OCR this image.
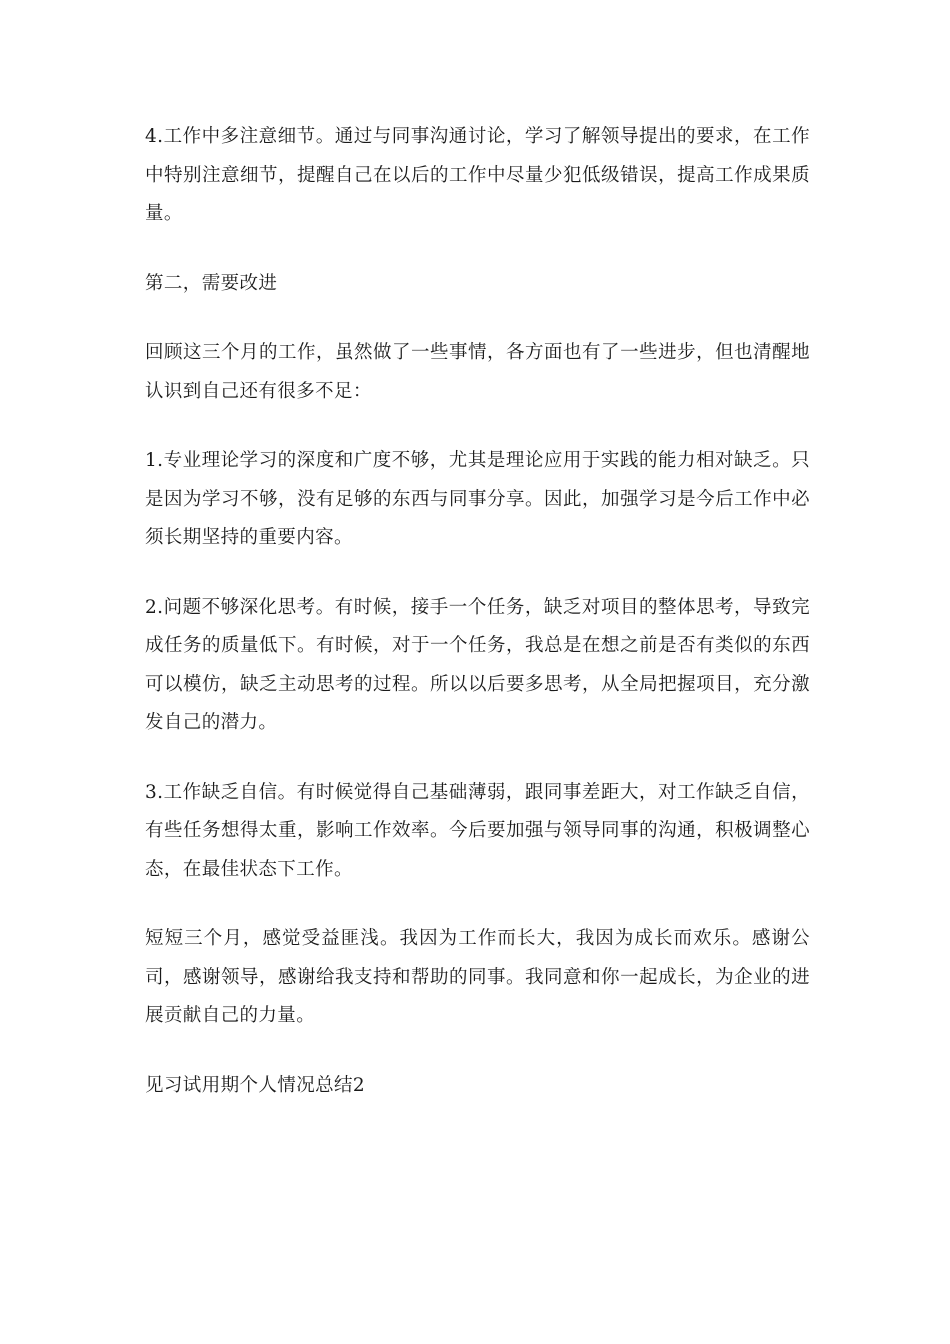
4.工作中多注意细节。通过与同事沟通讨论，学习了解领导提出的要求，在工作中特别注意细节，提醒自己在以后的工作中尽量少犯低级错误，提高工作成果质量。

第二，需要改进

回顾这三个月的工作，虽然做了一些事情，各方面也有了一些进步，但也清醒地认识到自己还有很多不足：

1.专业理论学习的深度和广度不够，尤其是理论应用于实践的能力相对缺乏。只是因为学习不够，没有足够的东西与同事分享。因此，加强学习是今后工作中必须长期坚持的重要内容。

2.问题不够深化思考。有时候，接手一个任务，缺乏对项目的整体思考，导致完成任务的质量低下。有时候，对于一个任务，我总是在想之前是否有类似的东西可以模仿，缺乏主动思考的过程。所以以后要多思考，从全局把握项目，充分激发自己的潜力。

3.工作缺乏自信。有时候觉得自己基础薄弱，跟同事差距大，对工作缺乏自信，有些任务想得太重，影响工作效率。今后要加强与领导同事的沟通，积极调整心态，在最佳状态下工作。

短短三个月，感觉受益匪浅。我因为工作而长大，我因为成长而欢乐。感谢公司，感谢领导，感谢给我支持和帮助的同事。我同意和你一起成长，为企业的进展贡献自己的力量。

见习试用期个人情况总结2
